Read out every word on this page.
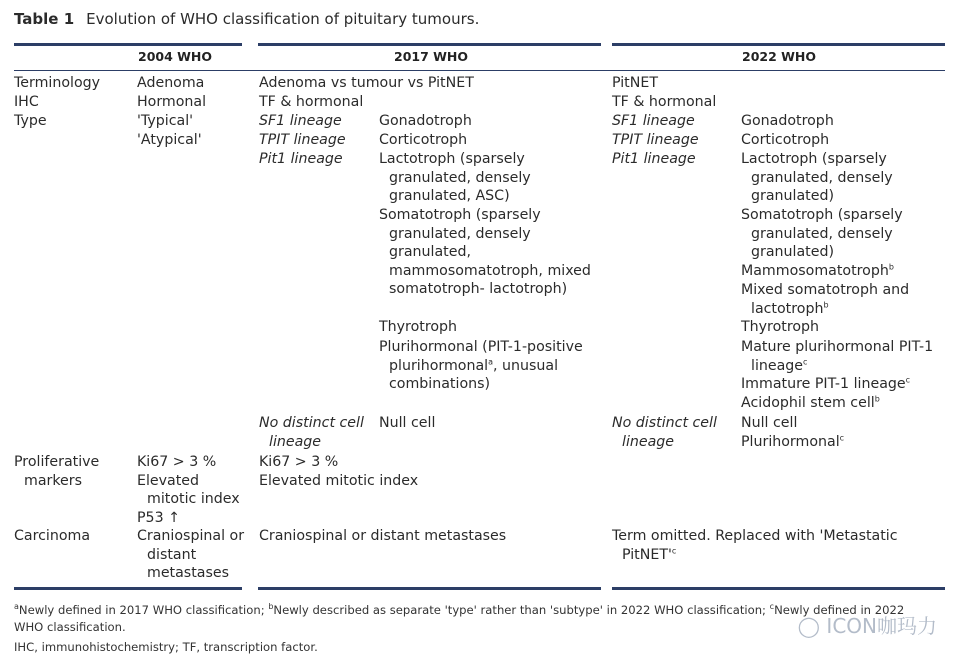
Table 1 Evolution of WHO classification of pituitary tumours.
2004 WHO	2017 WHO	2022 WHO
Terminology
IHC
Type
Proliferative
markers
Carcinoma
Adenoma
Hormonal
'Typical'
'Atypical'
Ki67 > 3 %
Elevated
mitotic index
P53 ↑
Craniospinal or
distant
metastases
Adenoma vs tumour vs PitNET
TF & hormonal
SF1 lineage
TPIT lineage
Pit1 lineage
No distinct cell
lineage
Gonadotroph
Corticotroph
Lactotroph (sparsely
granulated, densely
granulated, ASC)
Somatotroph (sparsely
granulated, densely
granulated,
mammosomatotroph, mixed
somatotroph- lactotroph)
Thyrotroph
Plurihormonal (PIT-1-positive
plurihormonal$^a$, unusual
combinations)
Null cell
Ki67 > 3 %
Elevated mitotic index
Craniospinal or distant metastases
PitNET
TF & hormonal
SF1 lineage
TPIT lineage
Pit1 lineage
No distinct cell
lineage
Gonadotroph
Corticotroph
Lactotroph (sparsely
granulated, densely
granulated)
Somatotroph (sparsely
granulated, densely
granulated)
Mammosomatotroph$^b$
Mixed somatotroph and
lactotroph$^b$
Thyrotroph
Mature plurihormonal PIT-1
lineage$^c$
Immature PIT-1 lineage$^c$
Acidophil stem cell$^b$
Null cell
Plurihormonal$^c$
Term omitted. Replaced with 'Metastatic
$PitNET'^c$
$^a$Newly defined in 2017 WHO classification; $^b$Newly described as separate 'type' rather than 'subtype' in 2022 WHO classification; $^c$Newly defined in 2022
WHO classification.
IHC, immunohistochemistry; TF, transcription factor.
◯ ICON咖玛力
